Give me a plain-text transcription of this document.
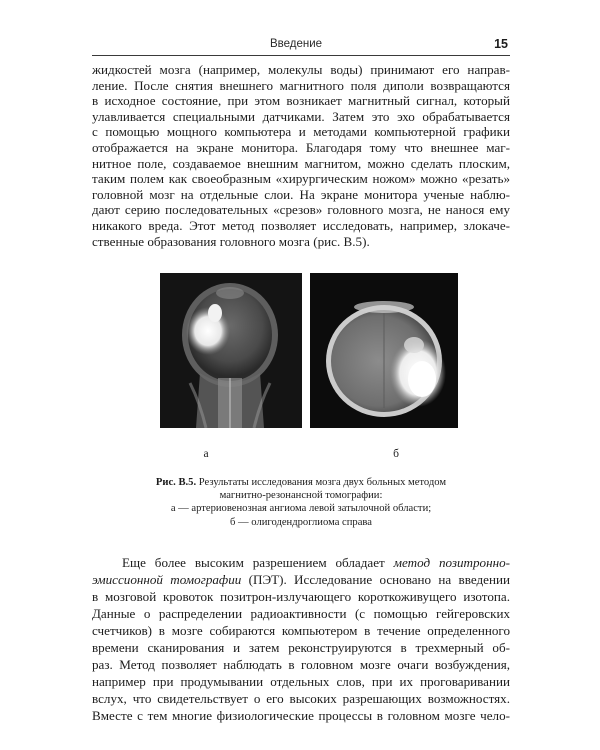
Введение	15
жидкостей мозга (например, молекулы воды) принимают его направ-
ление. После снятия внешнего магнитного поля диполи возвращаются
в исходное состояние, при этом возникает магнитный сигнал, который
улавливается специальными датчиками. Затем это эхо обрабатывается
с помощью мощного компьютера и методами компьютерной графики
отображается на экране монитора. Благодаря тому что внешнее маг-
нитное поле, создаваемое внешним магнитом, можно сделать плоским,
таким полем как своеобразным «хирургическим ножом» можно «резать»
головной мозг на отдельные слои. На экране монитора ученые наблю-
дают серию последовательных «срезов» головного мозга, не нанося ему
никакого вреда. Этот метод позволяет исследовать, например, злокаче-
ственные образования головного мозга (рис. В.5).
а	б
Рис. В.5. Результаты исследования мозга двух больных методом
магнитно-резонансной томографии:
а — артериовенозная ангиома левой затылочной области;
б — олигодендроглиома справа
Еще более высоким разрешением обладает метод позитронно-
эмиссионной томографии (ПЭТ). Исследование основано на введении
в мозговой кровоток позитрон-излучающего короткоживущего изотопа.
Данные о распределении радиоактивности (с помощью гейгеровских
счетчиков) в мозге собираются компьютером в течение определенного
времени сканирования и затем реконструируются в трехмерный об-
раз. Метод позволяет наблюдать в головном мозге очаги возбуждения,
например при продумывании отдельных слов, при их проговаривании
вслух, что свидетельствует о его высоких разрешающих возможностях.
Вместе с тем многие физиологические процессы в головном мозге чело-
